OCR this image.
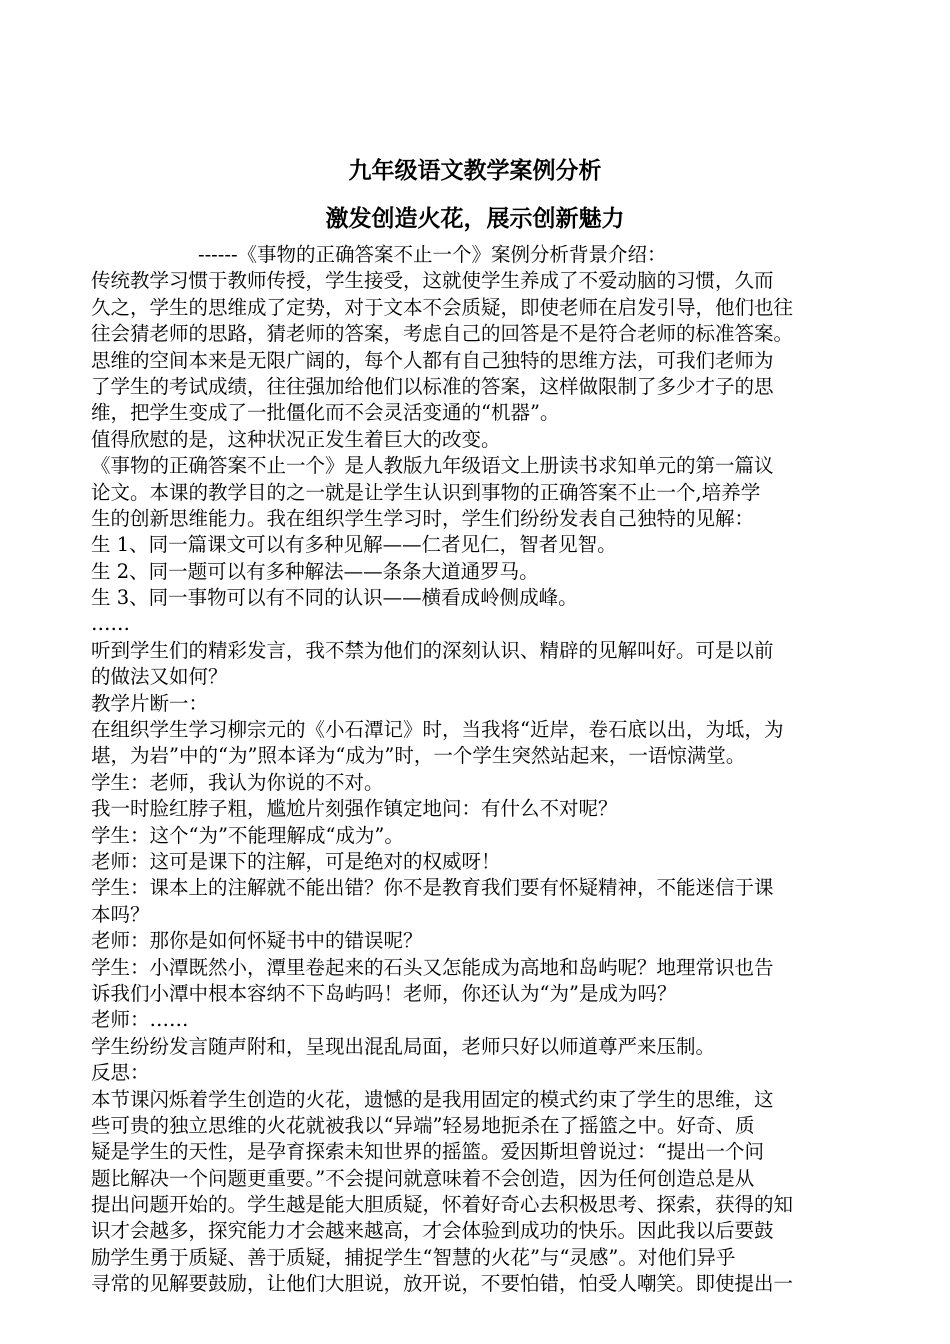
九年级语文教学案例分析
激发创造火花，展示创新魅力
------《事物的正确答案不止一个》案例分析背景介绍：
传统教学习惯于教师传授，学生接受，这就使学生养成了不爱动脑的习惯，久而
久之，学生的思维成了定势，对于文本不会质疑，即使老师在启发引导，他们也往
往会猜老师的思路，猜老师的答案，考虑自己的回答是不是符合老师的标准答案。
思维的空间本来是无限广阔的，每个人都有自己独特的思维方法，可我们老师为
了学生的考试成绩，往往强加给他们以标准的答案，这样做限制了多少才子的思
维，把学生变成了一批僵化而不会灵活变通的“机器”。
值得欣慰的是，这种状况正发生着巨大的改变。
《事物的正确答案不止一个》是人教版九年级语文上册读书求知单元的第一篇议
论文。本课的教学目的之一就是让学生认识到事物的正确答案不止一个,培养学
生的创新思维能力。我在组织学生学习时，学生们纷纷发表自己独特的见解：
生 1、同一篇课文可以有多种见解——仁者见仁，智者见智。
生 2、同一题可以有多种解法——条条大道通罗马。
生 3、同一事物可以有不同的认识——横看成岭侧成峰。
……
听到学生们的精彩发言，我不禁为他们的深刻认识、精辟的见解叫好。可是以前
的做法又如何？
教学片断一：
在组织学生学习柳宗元的《小石潭记》时，当我将“近岸，卷石底以出，为坻，为
堪，为岩”中的“为”照本译为“成为”时，一个学生突然站起来，一语惊满堂。
学生：老师，我认为你说的不对。
我一时脸红脖子粗，尴尬片刻强作镇定地问：有什么不对呢？
学生：这个“为”不能理解成“成为”。
老师：这可是课下的注解，可是绝对的权威呀！
学生：课本上的注解就不能出错？你不是教育我们要有怀疑精神，不能迷信于课
本吗？
老师：那你是如何怀疑书中的错误呢？
学生：小潭既然小，潭里卷起来的石头又怎能成为高地和岛屿呢？地理常识也告
诉我们小潭中根本容纳不下岛屿吗！老师，你还认为“为”是成为吗？
老师：……
学生纷纷发言随声附和，呈现出混乱局面，老师只好以师道尊严来压制。
反思：
本节课闪烁着学生创造的火花，遗憾的是我用固定的模式约束了学生的思维，这
些可贵的独立思维的火花就被我以“异端”轻易地扼杀在了摇篮之中。好奇、质
疑是学生的天性，是孕育探索未知世界的摇篮。爱因斯坦曾说过：“提出一个问
题比解决一个问题更重要。”不会提问就意味着不会创造，因为任何创造总是从
提出问题开始的。学生越是能大胆质疑，怀着好奇心去积极思考、探索，获得的知
识才会越多，探究能力才会越来越高，才会体验到成功的快乐。因此我以后要鼓
励学生勇于质疑、善于质疑，捕捉学生“智慧的火花”与“灵感”。对他们异乎
寻常的见解要鼓励，让他们大胆说，放开说，不要怕错，怕受人嘲笑。即使提出一
